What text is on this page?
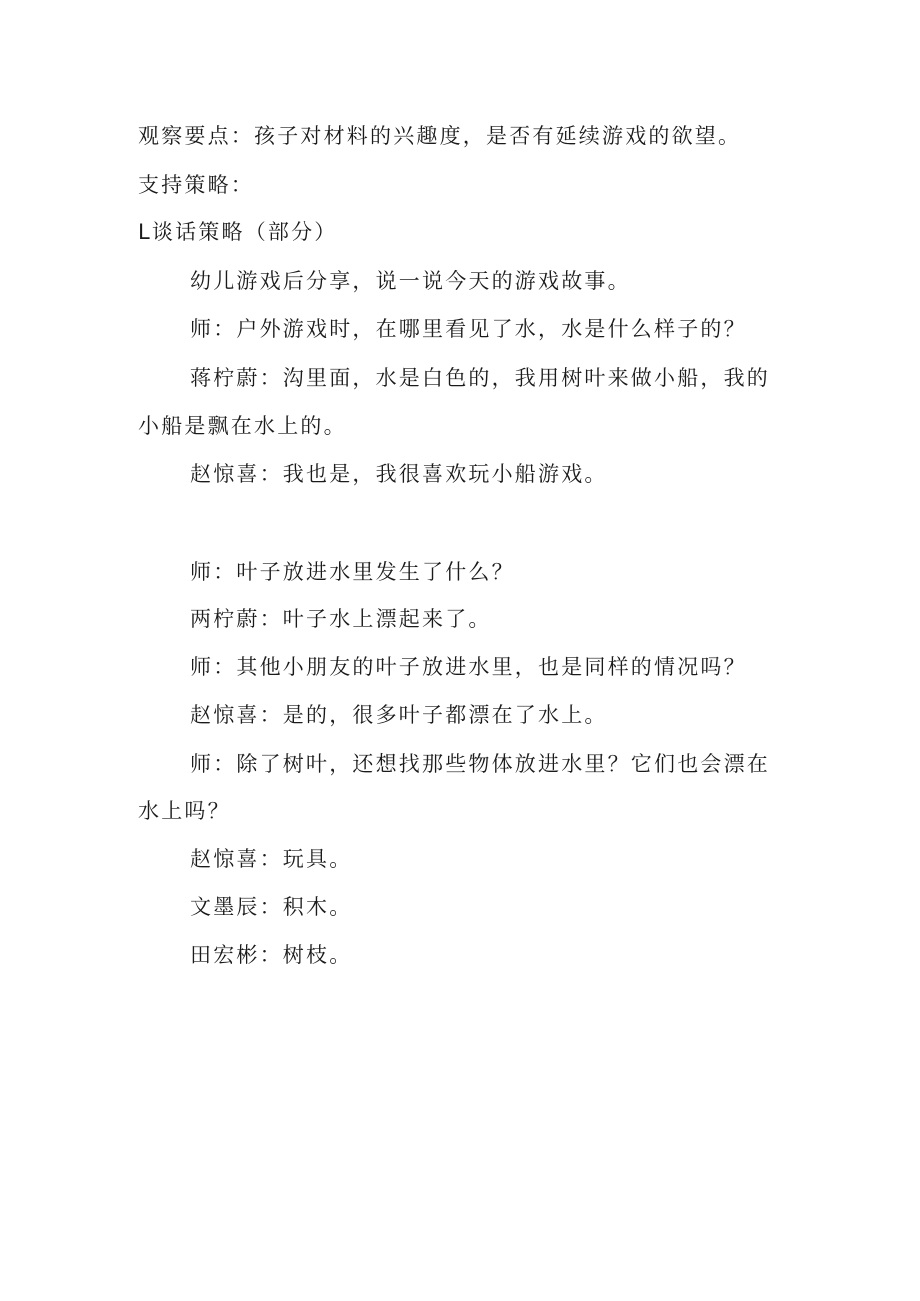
观察要点：孩子对材料的兴趣度，是否有延续游戏的欲望。
支持策略：
L谈话策略（部分）
幼儿游戏后分享，说一说今天的游戏故事。
师：户外游戏时，在哪里看见了水，水是什么样子的？
蒋柠蔚：沟里面，水是白色的，我用树叶来做小船，我的
小船是飘在水上的。
赵惊喜：我也是，我很喜欢玩小船游戏。
师：叶子放进水里发生了什么？
两柠蔚：叶子水上漂起来了。
师：其他小朋友的叶子放进水里，也是同样的情况吗？
赵惊喜：是的，很多叶子都漂在了水上。
师：除了树叶，还想找那些物体放进水里？它们也会漂在
水上吗？
赵惊喜：玩具。
文墨辰：积木。
田宏彬：树枝。
